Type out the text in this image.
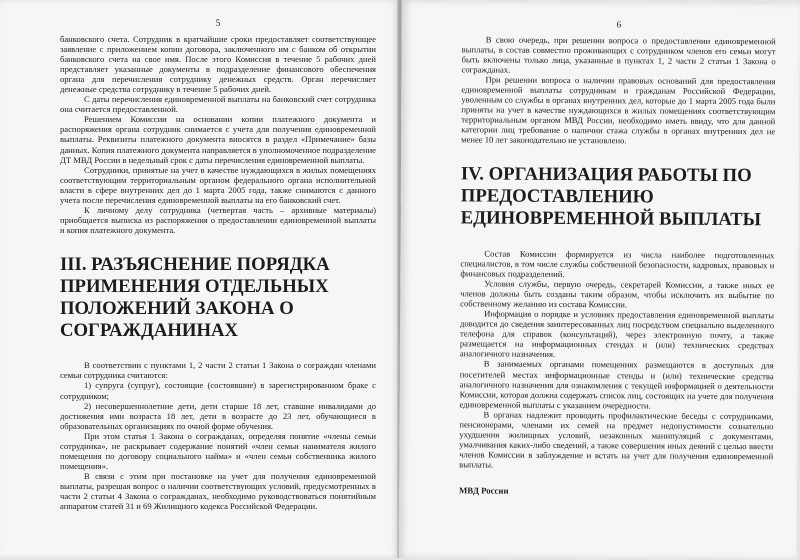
5

банковского счета. Сотрудник в кратчайшие сроки предоставляет соответствующее заявление с приложением копии договора, заключенного им с банком об открытии банковского счета на свое имя. После этого Комиссия в течение 5 рабочих дней представляет указанные документы в подразделение финансового обеспечения органа для перечисления сотруднику денежных средств. Орган перечисляет денежные средства сотруднику в течение 5 рабочих дней.

С даты перечисления единовременной выплаты на банковский счет сотрудника она считается предоставленной.

Решением Комиссии на основании копии платежного документа и распоряжения органа сотрудник снимается с учета для получения единовременной выплаты. Реквизиты платежного документа вносятся в раздел «Примечание» базы данных. Копия платежного документа направляется в уполномоченное подразделение ДТ МВД России в недельный срок с даты перечисления единовременной выплаты.

Сотрудники, принятые на учет в качестве нуждающихся в жилых помещениях соответствующим территориальным органом федерального органа исполнительной власти в сфере внутренних дел до 1 марта 2005 года, также снимаются с данного учета после перечисления единовременной выплаты на его банковский счет.

К личному делу сотрудника (четвертая часть – архивные материалы) приобщается выписка из распоряжения о предоставлении единовременной выплаты и копия платежного документа.

III. РАЗЪЯСНЕНИЕ ПОРЯДКА ПРИМЕНЕНИЯ ОТДЕЛЬНЫХ ПОЛОЖЕНИЙ ЗАКОНА О СОГРАЖДАНИНАХ

В соответствии с пунктами 1, 2 части 2 статьи 1 Закона о сограждан членами семьи сотрудника считаются:

1) супруга (супруг), состоящие (состоявшие) в зарегистрированном браке с сотрудником;

2) несовершеннолетние дети, дети старше 18 лет, ставшие инвалидами до достижения ими возраста 18 лет, дети в возрасте до 23 лет, обучающиеся в образовательных организациях по очной форме обучения.

При этом статья 1 Закона о согражданах, определяя понятие «члены семьи сотрудника», не раскрывает содержание понятий «член семьи нанимателя жилого помещения по договору социального найма» и «член семьи собственника жилого помещения».

В связи с этим при постановке на учет для получения единовременной выплаты, разрешая вопрос о наличии соответствующих условий, предусмотренных в части 2 статьи 4 Закона о согражданах, необходимо руководствоваться понятийным аппаратом статей 31 и 69 Жилищного кодекса Российской Федерации.

6

В свою очередь, при решении вопроса о предоставлении единовременной выплаты, в состав совместно проживающих с сотрудником членов его семьи могут быть включены только лица, указанные в пунктах 1, 2 части 2 статьи 1 Закона о согражданах.

При решении вопроса о наличии правовых оснований для предоставления единовременной выплаты сотрудникам и гражданам Российской Федерации, уволенным со службы в органах внутренних дел, которые до 1 марта 2005 года были приняты на учет в качестве нуждающихся в жилых помещениях соответствующим территориальным органом МВД России, необходимо иметь ввиду, что для данной категории лиц требование о наличии стажа службы в органах внутренних дел не менее 10 лет законодательно не установлено.

IV. ОРГАНИЗАЦИЯ РАБОТЫ ПО ПРЕДОСТАВЛЕНИЮ ЕДИНОВРЕМЕННОЙ ВЫПЛАТЫ

Состав Комиссии формируется из числа наиболее подготовленных специалистов, в том числе службы собственной безопасности, кадровых, правовых и финансовых подразделений.

Условия службы, первую очередь, секретарей Комиссии, а также иных ее членов должны быть созданы таким образом, чтобы исключить их выбытие по собственному желанию из состава Комиссии.

Информация о порядке и условиях предоставления единовременной выплаты доводится до сведения заинтересованных лиц посредством специально выделенного телефона для справок (консультаций), через электронную почту, а также размещается на информационных стендах и (или) технических средствах аналогичного назначения.

В занимаемых органами помещениях размещаются в доступных для посетителей местах информационные стенды и (или) технические средства аналогичного назначения для ознакомления с текущей информацией о деятельности Комиссии, которая должна содержать список лиц, состоящих на учете для получения единовременной выплаты с указанием очередности.

В органах надлежит проводить профилактические беседы с сотрудниками, пенсионерами, членами их семей на предмет недопустимости сознательно ухудшения жилищных условий, незаконных манипуляций с документами, умалчивания каких-либо сведений, а также совершения иных деяний с целью ввести членов Комиссии в заблуждение и встать на учет для получения единовременной выплаты.

МВД России
